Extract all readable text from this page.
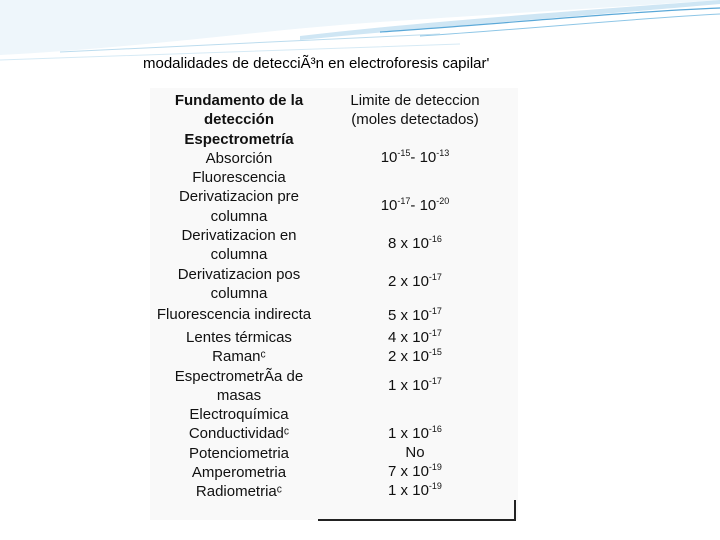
modalidades de detecciÃ³n en electroforesis capilar'
Fundamento de la
detección
Espectrometría
Absorción
Fluorescencia
Derivatizacion pre
columna
Derivatizacion en
columna
Derivatizacion pos
columna
Fluorescencia indirecta
Lentes térmicas
Ramanᶜ
EspectrometrÃa de
masas
Electroquímica
Conductividadᶜ
Potenciometria
Amperometria
Radiometriaᶜ
Limite de deteccion
(moles detectados)
$10^{-15}-$ $10^{-13}$
$10^{-17}-$ $10^{-20}$
8 x $10^{-16}$
2 x $10^{-17}$
5 x $10^{-17}$
4 x $10^{-17}$
2 x $10^{-15}$
1 x $10^{-17}$
1 x $10^{-16}$
No
7 x $10^{-19}$
1 x $10^{-19}$
